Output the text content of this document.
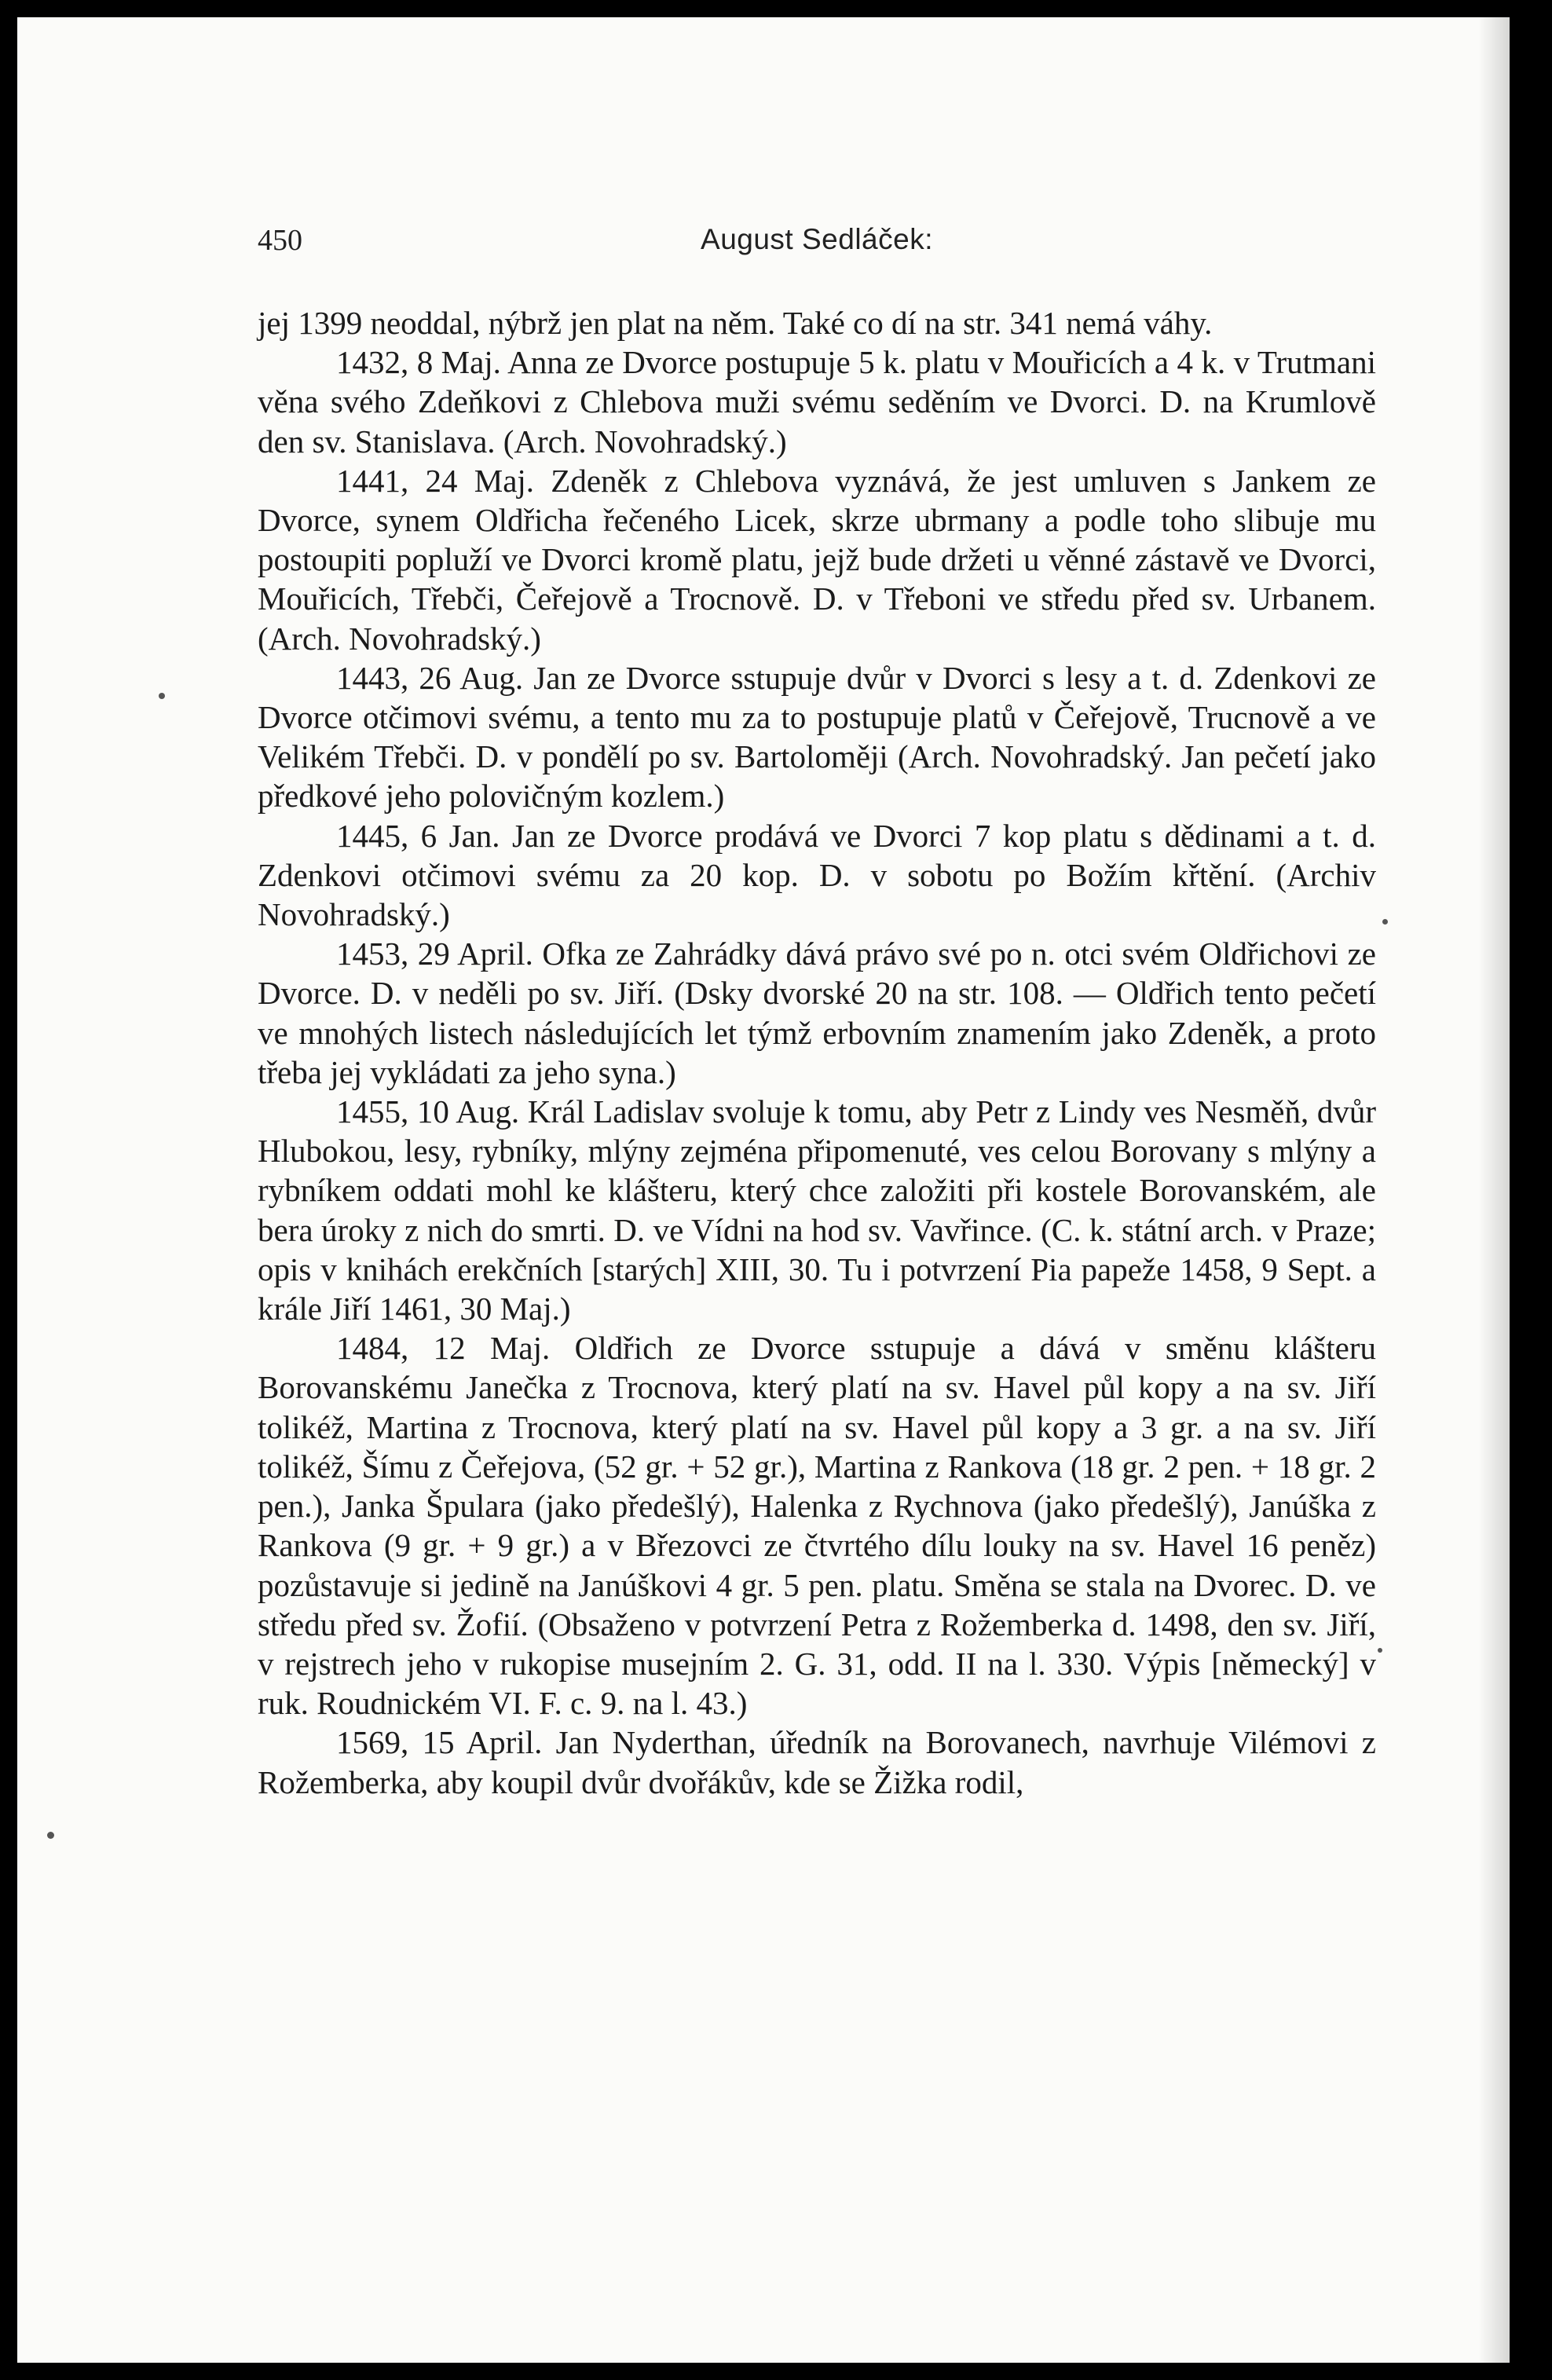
450	August Sedláček:

jej 1399 neoddal, nýbrž jen plat na něm. Také co dí na str. 341 nemá váhy.

1432, 8 Maj. Anna ze Dvorce postupuje 5 k. platu v Mouřicích a 4 k. v Trutmani věna svého Zdeňkovi z Chlebova muži svému seděním ve Dvorci. D. na Krumlově den sv. Stanislava. (Arch. Novohradský.)

1441, 24 Maj. Zdeněk z Chlebova vyznává, že jest umluven s Jankem ze Dvorce, synem Oldřicha řečeného Licek, skrze ubrmany a podle toho slibuje mu postoupiti popluží ve Dvorci kromě platu, jejž bude držeti u věnné zástavě ve Dvorci, Mouřicích, Třebči, Čeřejově a Trocnově. D. v Třeboni ve středu před sv. Urbanem. (Arch. Novohradský.)

1443, 26 Aug. Jan ze Dvorce sstupuje dvůr v Dvorci s lesy a t. d. Zdenkovi ze Dvorce otčimovi svému, a tento mu za to postupuje platů v Čeřejově, Trucnově a ve Velikém Třebči. D. v pondělí po sv. Bartoloměji (Arch. Novohradský. Jan pečetí jako předkové jeho polovičným kozlem.)

1445, 6 Jan. Jan ze Dvorce prodává ve Dvorci 7 kop platu s dědinami a t. d. Zdenkovi otčimovi svému za 20 kop. D. v sobotu po Božím křtění. (Archiv Novohradský.)

1453, 29 April. Ofka ze Zahrádky dává právo své po n. otci svém Oldřichovi ze Dvorce. D. v neděli po sv. Jiří. (Dsky dvorské 20 na str. 108. — Oldřich tento pečetí ve mnohých listech následujících let týmž erbovním znamením jako Zdeněk, a proto třeba jej vykládati za jeho syna.)

1455, 10 Aug. Král Ladislav svoluje k tomu, aby Petr z Lindy ves Nesměň, dvůr Hlubokou, lesy, rybníky, mlýny zejména připomenuté, ves celou Borovany s mlýny a rybníkem oddati mohl ke klášteru, který chce založiti při kostele Borovanském, ale bera úroky z nich do smrti. D. ve Vídni na hod sv. Vavřince. (C. k. státní arch. v Praze; opis v knihách erekčních [starých] XIII, 30. Tu i potvrzení Pia papeže 1458, 9 Sept. a krále Jiří 1461, 30 Maj.)

1484, 12 Maj. Oldřich ze Dvorce sstupuje a dává v směnu klášteru Borovanskému Janečka z Trocnova, který platí na sv. Havel půl kopy a na sv. Jiří tolikéž, Martina z Trocnova, který platí na sv. Havel půl kopy a 3 gr. a na sv. Jiří tolikéž, Šímu z Čeřejova, (52 gr. + 52 gr.), Martina z Rankova (18 gr. 2 pen. + 18 gr. 2 pen.), Janka Špulara (jako předešlý), Halenka z Rychnova (jako předešlý), Janúška z Rankova (9 gr. + 9 gr.) a v Březovci ze čtvrtého dílu louky na sv. Havel 16 peněz) pozůstavuje si jedině na Janúškovi 4 gr. 5 pen. platu. Směna se stala na Dvorec. D. ve středu před sv. Žofií. (Obsaženo v potvrzení Petra z Rožemberka d. 1498, den sv. Jiří, v rejstrech jeho v rukopise musejním 2. G. 31, odd. II na l. 330. Výpis [německý] v ruk. Roudnickém VI. F. c. 9. na l. 43.)

1569, 15 April. Jan Nyderthan, úředník na Borovanech, navrhuje Vilémovi z Rožemberka, aby koupil dvůr dvořákův, kde se Žižka rodil,
